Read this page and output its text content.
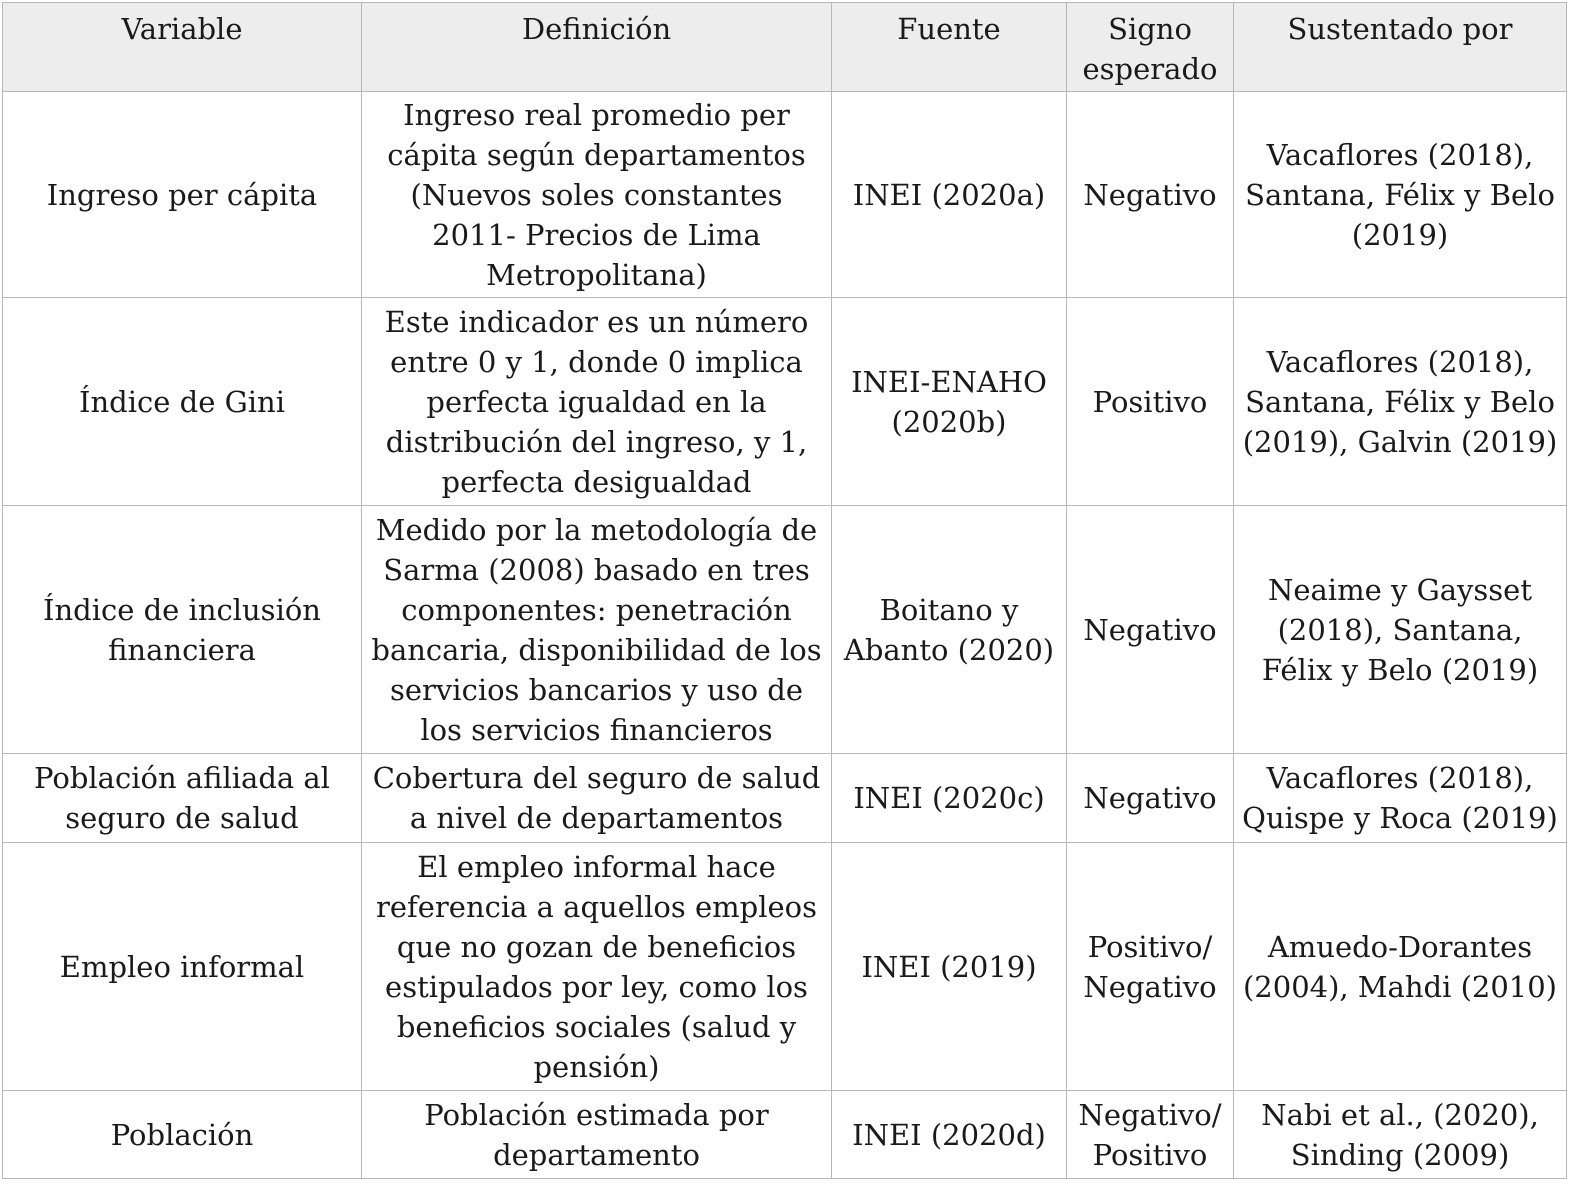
Variable	Definición	Fuente	Signo esperado	Sustentado por
Ingreso per cápita	Ingreso real promedio per cápita según departamentos (Nuevos soles constantes 2011- Precios de Lima Metropolitana)	INEI (2020a)	Negativo	Vacaflores (2018), Santana, Félix y Belo (2019)
Índice de Gini	Este indicador es un número entre 0 y 1, donde 0 implica perfecta igualdad en la distribución del ingreso, y 1, perfecta desigualdad	INEI-ENAHO (2020b)	Positivo	Vacaflores (2018), Santana, Félix y Belo (2019), Galvin (2019)
Índice de inclusión financiera	Medido por la metodología de Sarma (2008) basado en tres componentes: penetración bancaria, disponibilidad de los servicios bancarios y uso de los servicios financieros	Boitano y Abanto (2020)	Negativo	Neaime y Gaysset (2018), Santana, Félix y Belo (2019)
Población afiliada al seguro de salud	Cobertura del seguro de salud a nivel de departamentos	INEI (2020c)	Negativo	Vacaflores (2018), Quispe y Roca (2019)
Empleo informal	El empleo informal hace referencia a aquellos empleos que no gozan de beneficios estipulados por ley, como los beneficios sociales (salud y pensión)	INEI (2019)	Positivo/ Negativo	Amuedo-Dorantes (2004), Mahdi (2010)
Población	Población estimada por departamento	INEI (2020d)	Negativo/ Positivo	Nabi et al., (2020), Sinding (2009)
